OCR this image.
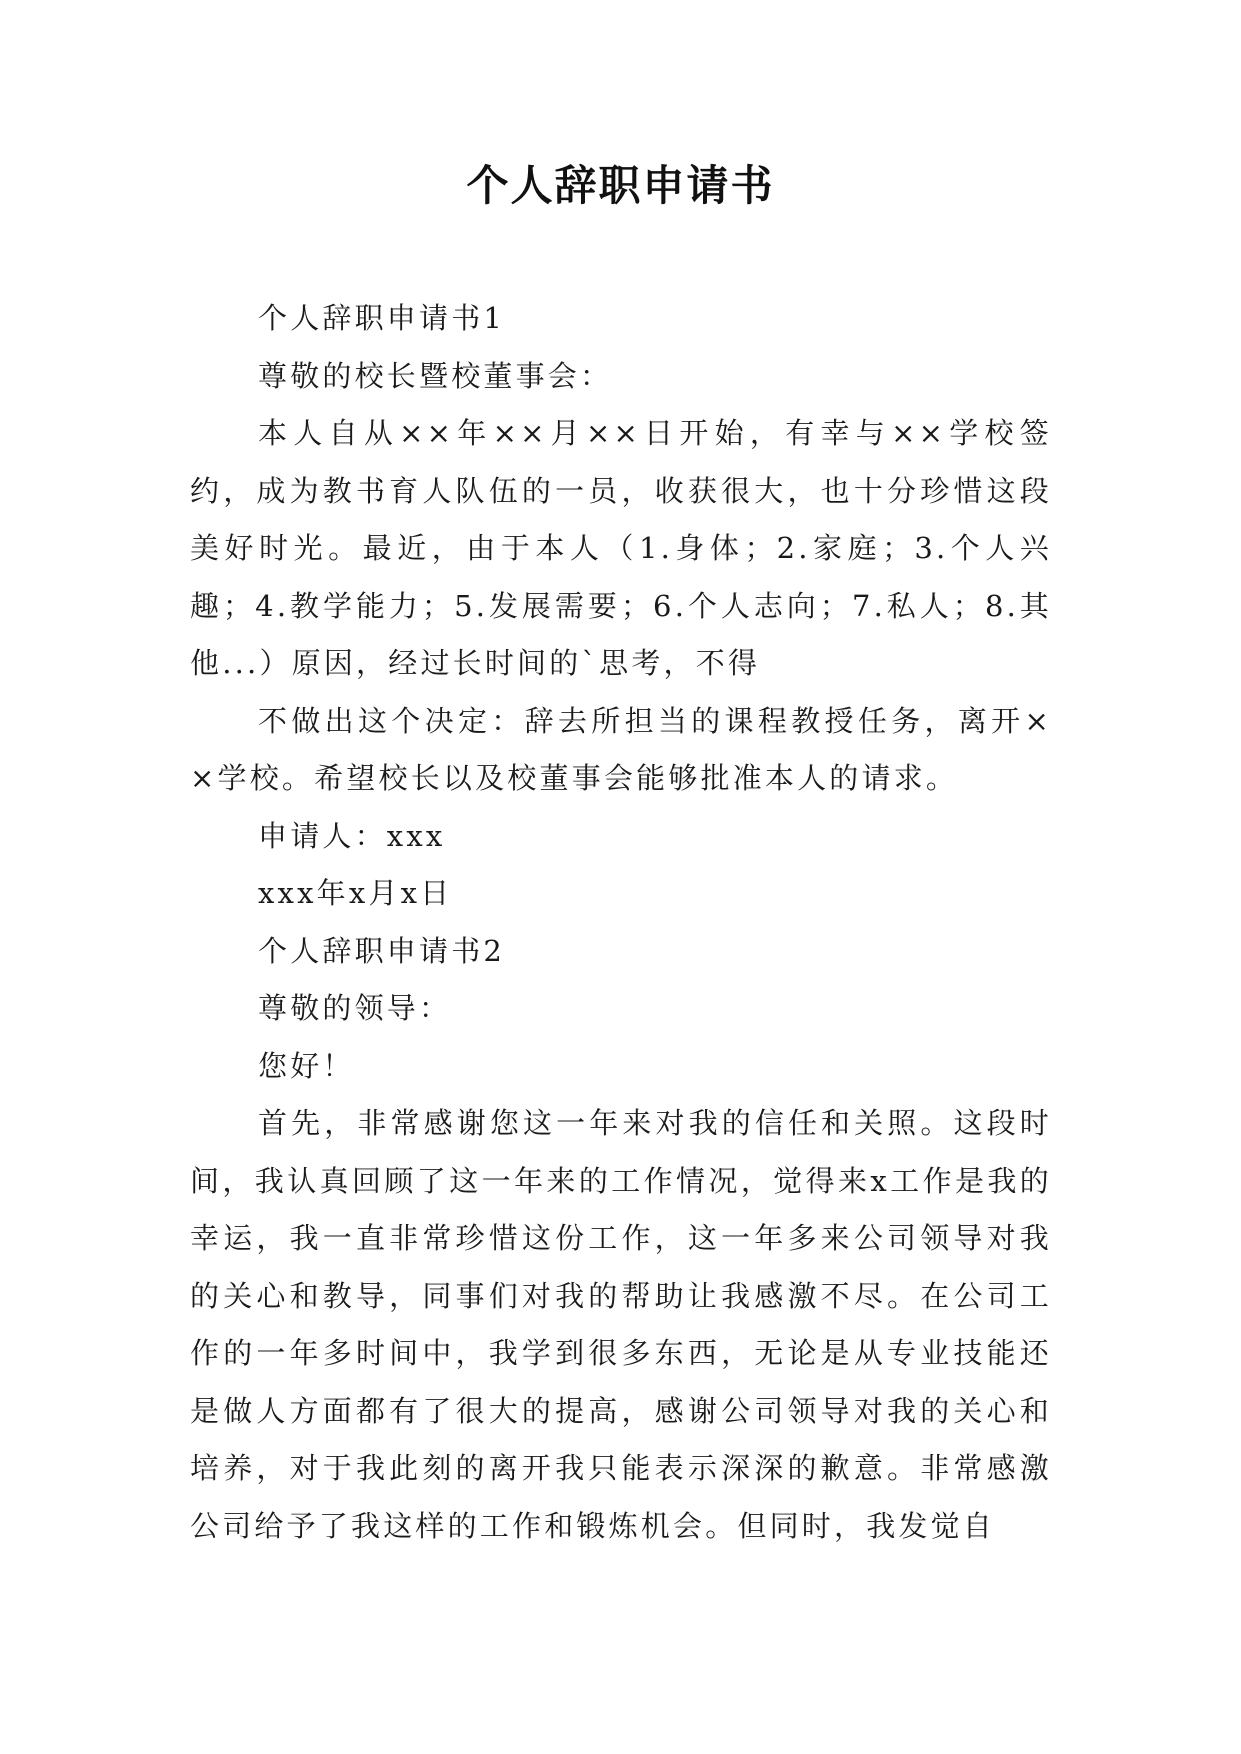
个人辞职申请书

个人辞职申请书1

尊敬的校长暨校董事会：

本人自从××年××月××日开始，有幸与××学校签约，成为教书育人队伍的一员，收获很大，也十分珍惜这段美好时光。最近，由于本人（1.身体；2.家庭；3.个人兴趣；4.教学能力；5.发展需要；6.个人志向；7.私人；8.其他...）原因，经过长时间的`思考，不得

不做出这个决定：辞去所担当的课程教授任务，离开××学校。希望校长以及校董事会能够批准本人的请求。

申请人：xxx

xxx年x月x日

个人辞职申请书2

尊敬的领导：

您好！

首先，非常感谢您这一年来对我的信任和关照。这段时间，我认真回顾了这一年来的工作情况，觉得来x工作是我的幸运，我一直非常珍惜这份工作，这一年多来公司领导对我的关心和教导，同事们对我的帮助让我感激不尽。在公司工作的一年多时间中，我学到很多东西，无论是从专业技能还是做人方面都有了很大的提高，感谢公司领导对我的关心和培养，对于我此刻的离开我只能表示深深的歉意。非常感激公司给予了我这样的工作和锻炼机会。但同时，我发觉自
